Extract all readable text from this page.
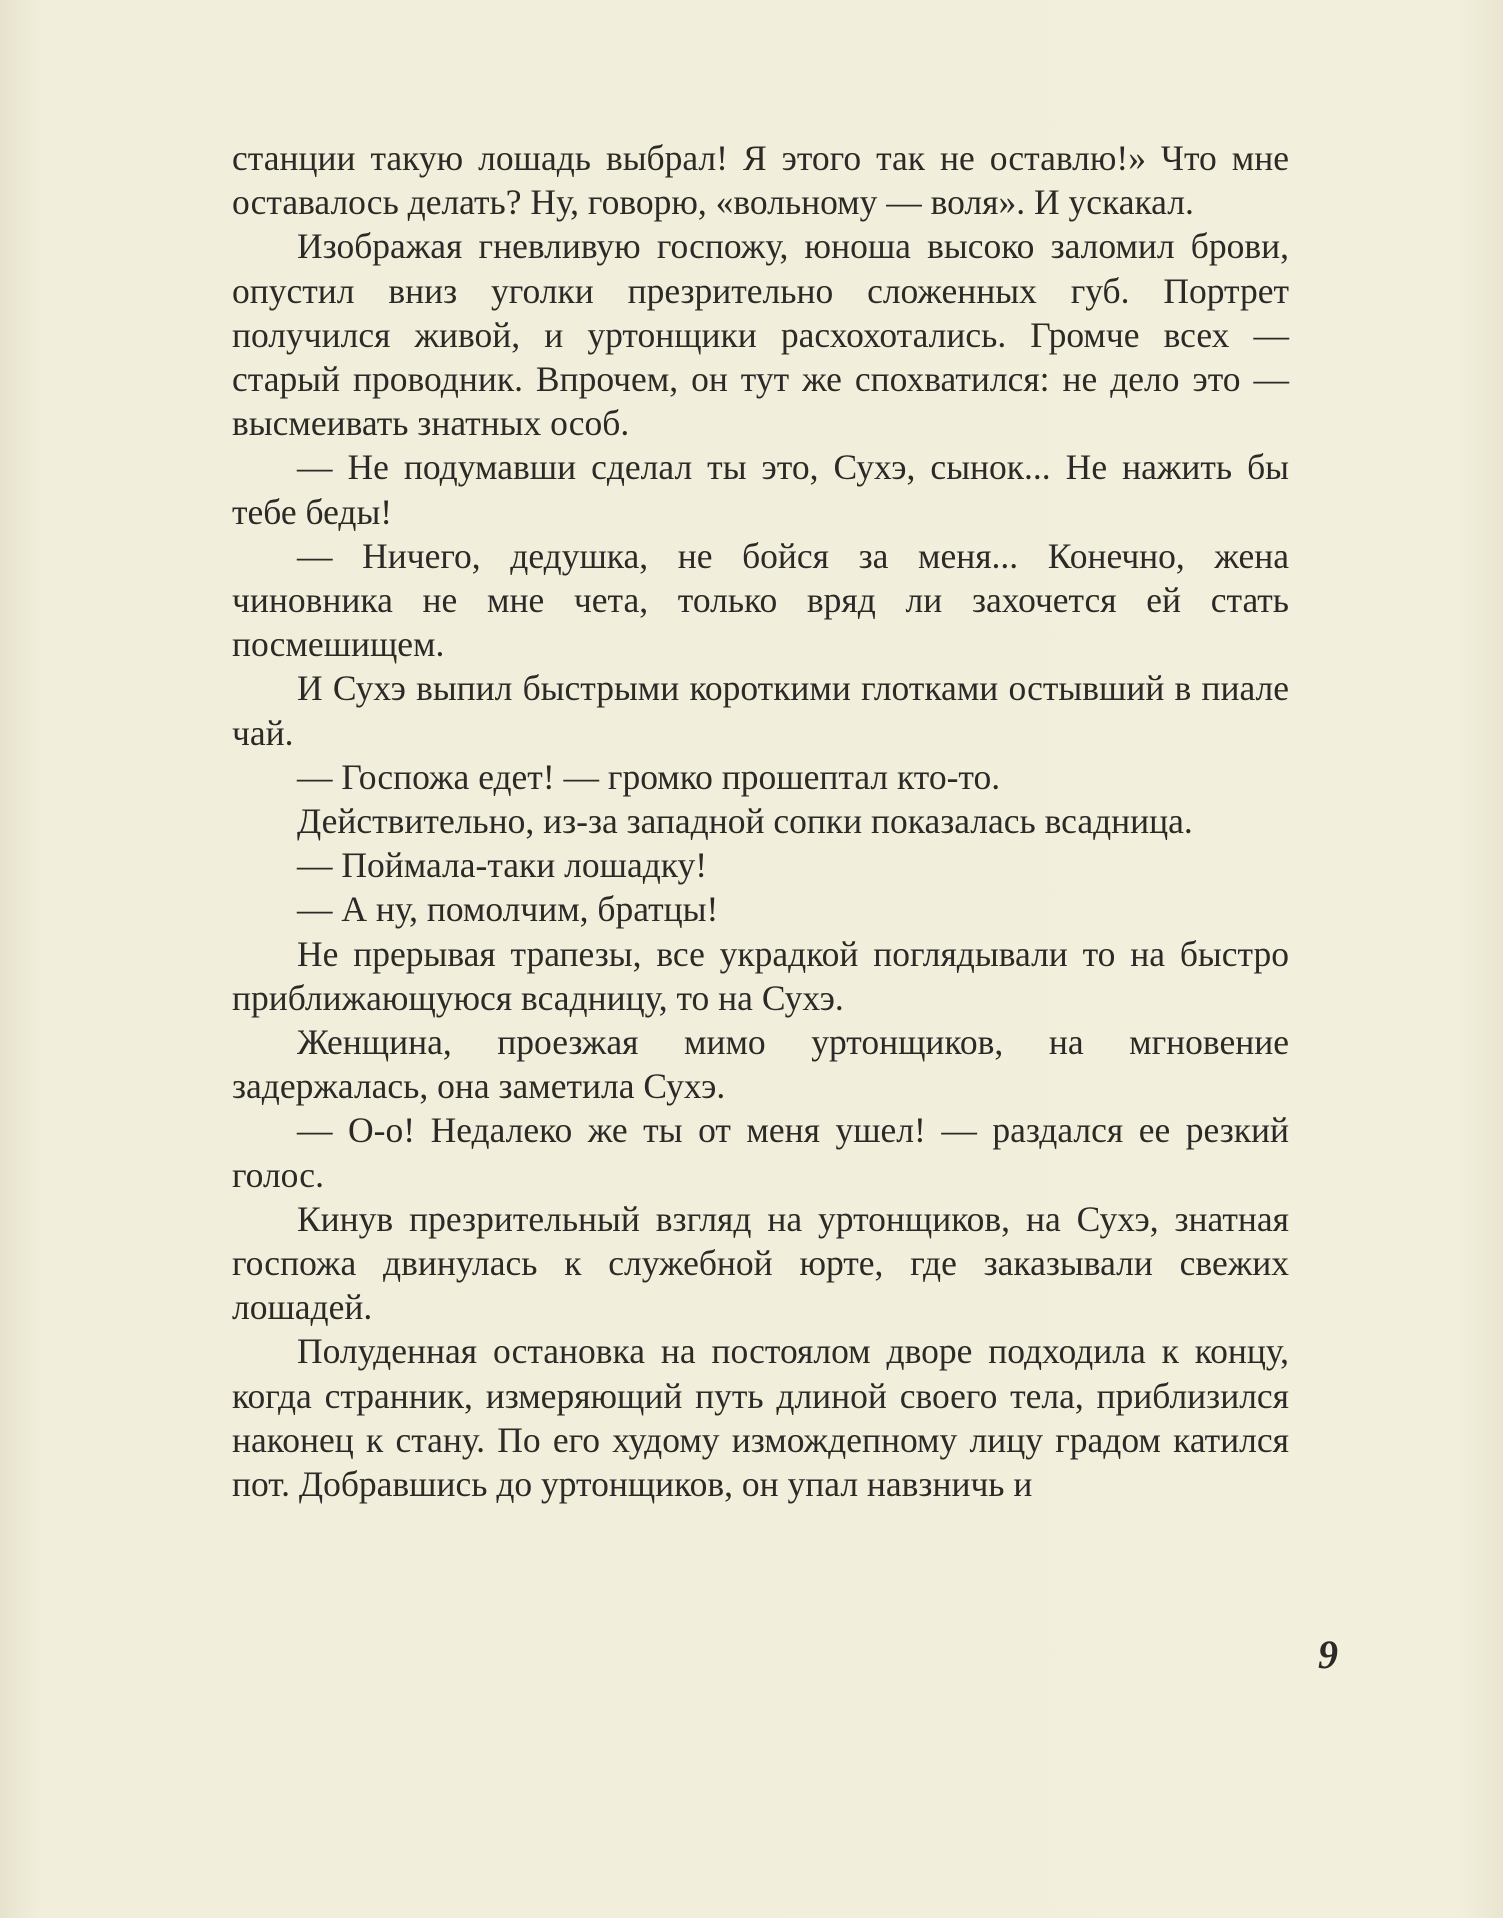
станции такую лошадь выбрал! Я этого так не оставлю!» Что мне оставалось делать? Ну, говорю, «вольному — воля». И ускакал.

Изображая гневливую госпожу, юноша высоко заломил брови, опустил вниз уголки презрительно сложенных губ. Портрет получился живой, и уртонщики расхохотались. Громче всех — старый проводник. Впрочем, он тут же спохватился: не дело это — высмеивать знатных особ.

— Не подумавши сделал ты это, Сухэ, сынок... Не нажить бы тебе беды!

— Ничего, дедушка, не бойся за меня... Конечно, жена чиновника не мне чета, только вряд ли захочется ей стать посмешищем.

И Сухэ выпил быстрыми короткими глотками остывший в пиале чай.

— Госпожа едет! — громко прошептал кто-то.

Действительно, из-за западной сопки показалась всадница.

— Поймала-таки лошадку!

— А ну, помолчим, братцы!

Не прерывая трапезы, все украдкой поглядывали то на быстро приближающуюся всадницу, то на Сухэ.

Женщина, проезжая мимо уртонщиков, на мгновение задержалась, она заметила Сухэ.

— О-о! Недалеко же ты от меня ушел! — раздался ее резкий голос.

Кинув презрительный взгляд на уртонщиков, на Сухэ, знатная госпожа двинулась к служебной юрте, где заказывали свежих лошадей.

Полуденная остановка на постоялом дворе подходила к концу, когда странник, измеряющий путь длиной своего тела, приблизился наконец к стану. По его худому измождепному лицу градом катился пот. Добравшись до уртонщиков, он упал навзничь и

9
